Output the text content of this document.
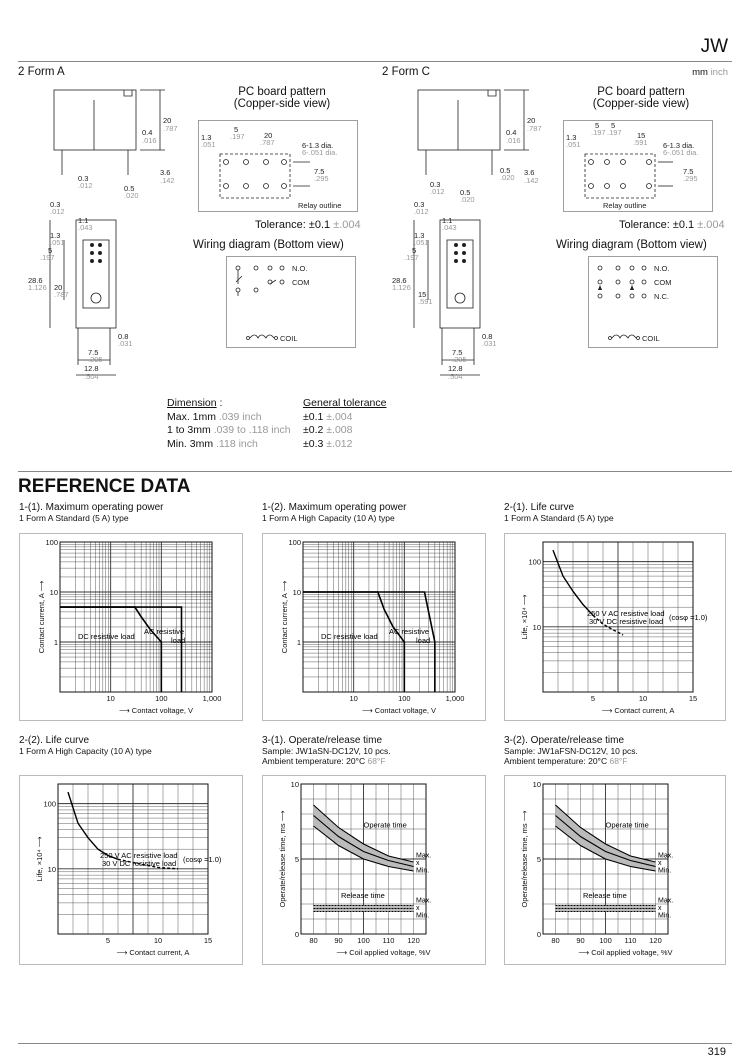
JW
2 Form A	2 Form C	mm inch
20
.787
0.4
.016
3.6
.142
0.3
.012	0.5
.020
0.3
.012
1.1
.043
1.3
.051
5
.197
28.6
1.126 20
.787
0.8
.031
7.5
.295
12.8
.504
PC board pattern
(Copper-side view)
5
.197	20
.787
1.3
.051	6-1.3 dia.
6-.051 dia.
7.5
.295
Relay outline
Tolerance: ±0.1 ±.004
Wiring diagram (Bottom view)
N.O.
COM
COIL
20
.787
0.4
.016
3.6
.142
0.5
.020
0.3
.012 0.5
.020
0.3
.012
1.1
.043
1.3
.051
5
.197
28.6
1.126
15
.591
0.8
.031
7.5
.295
12.8
.504
PC board pattern
(Copper-side view)
5
.197
5
.197 15
.591
1.3
.051	6-1.3 dia.
6-.051 dia.
7.5
.295
Relay outline
Tolerance: ±0.1 ±.004
Wiring diagram (Bottom view)
N.O.
COM
N.C.
COIL
Dimension :	General tolerance
Max. 1mm .039 inch	±0.1 ±.004
1 to 3mm .039 to .118 inch	±0.2 ±.008
Min. 3mm .118 inch	±0.3 ±.012
REFERENCE DATA
1-(1). Maximum operating power
1 Form A Standard (5 A) type
1-(2). Maximum operating power
1 Form A High Capacity (10 A) type
2-(1). Life curve
1 Form A Standard (5 A) type
2-(2). Life curve
1 Form A High Capacity (10 A) type
3-(1). Operate/release time
Sample: JW1aSN-DC12V, 10 pcs.
Ambient temperature: 20°C 68°F
3-(2). Operate/release time
Sample: JW1aFSN-DC12V, 10 pcs.
Ambient temperature: 20°C 68°F
10	100	1,000
1
10
100
⟶ Contact voltage, V
Contact current, A ⟶	DC resistive load
AC resistive
load
10	100	1,000
1
10
100
⟶ Contact voltage, V
Contact current, A ⟶	DC resistive load
AC resistive
load
5	10	15
10
100
⟶ Contact current, A
Life, ×10⁴ ⟶	250 V AC resistive load
30 V DC resistive load (cosφ =1.0)
5	10	15
10
100
⟶ Contact current, A
Life, ×10⁴ ⟶	250 V AC resistive load
30 V DC resistive load (cosφ =1.0)
80 90 100 110 120
0
5
10
⟶ Coil applied voltage, %V
Operate/release time, ms ⟶	Operate time
Release time
Max.
x
Min.
Max.
x
Min.
80 90 100 110 120
0
5
10
⟶ Coil applied voltage, %V
Operate/release time, ms ⟶	Operate time
Release time
Max.
x
Min.
Max.
x
Min.
319
